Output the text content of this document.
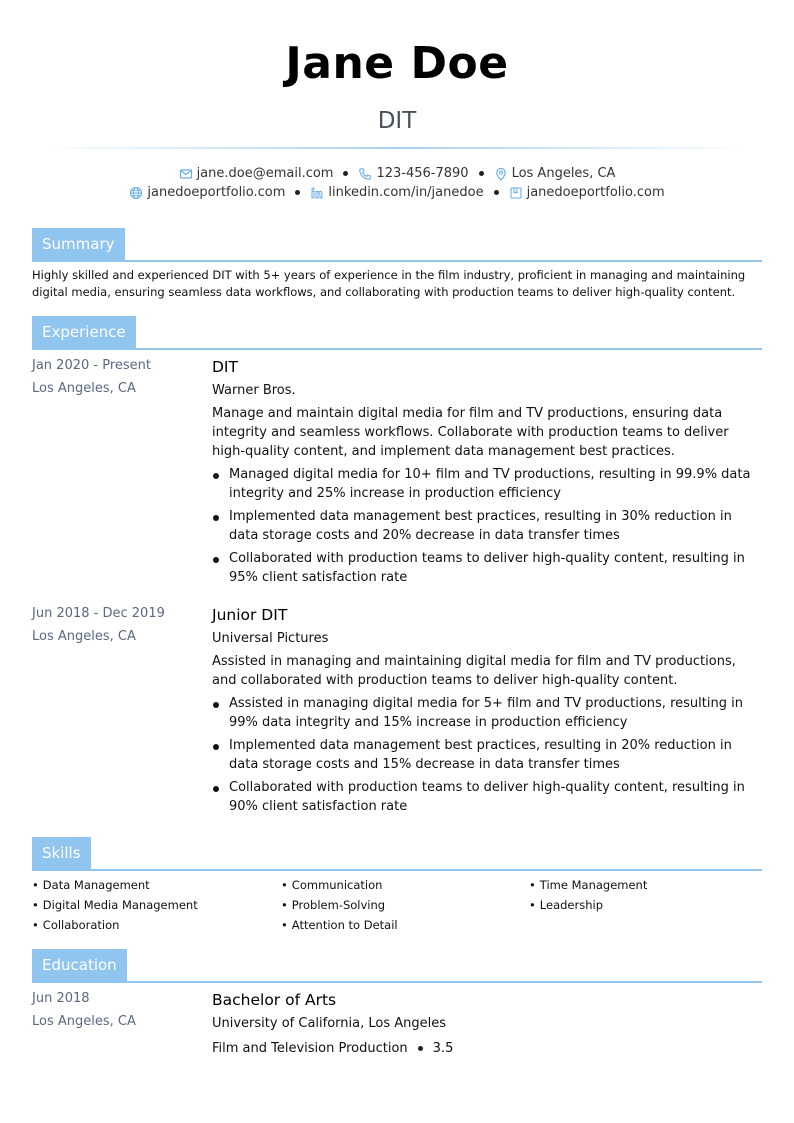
Jane Doe
DIT
jane.doe@email.com	123-456-7890	Los Angeles, CA
janedoeportfolio.com	linkedin.com/in/janedoe	janedoeportfolio.com
Summary
Highly skilled and experienced DIT with 5+ years of experience in the film industry, proficient in managing and maintaining digital media, ensuring seamless data workflows, and collaborating with production teams to deliver high-quality content.
Experience
Jan 2020 - Present
Los Angeles, CA
DIT
Warner Bros.
Manage and maintain digital media for film and TV productions, ensuring data integrity and seamless workflows. Collaborate with production teams to deliver high-quality content, and implement data management best practices.
Managed digital media for 10+ film and TV productions, resulting in 99.9% data integrity and 25% increase in production efficiency
Implemented data management best practices, resulting in 30% reduction in data storage costs and 20% decrease in data transfer times
Collaborated with production teams to deliver high-quality content, resulting in 95% client satisfaction rate
Jun 2018 - Dec 2019
Los Angeles, CA
Junior DIT
Universal Pictures
Assisted in managing and maintaining digital media for film and TV productions, and collaborated with production teams to deliver high-quality content.
Assisted in managing digital media for 5+ film and TV productions, resulting in 99% data integrity and 15% increase in production efficiency
Implemented data management best practices, resulting in 20% reduction in data storage costs and 15% decrease in data transfer times
Collaborated with production teams to deliver high-quality content, resulting in 90% client satisfaction rate
Skills
• Data Management
• Digital Media Management
• Collaboration
• Communication
• Problem-Solving
• Attention to Detail
• Time Management
• Leadership
Education
Jun 2018
Los Angeles, CA
Bachelor of Arts
University of California, Los Angeles
Film and Television Production 3.5
